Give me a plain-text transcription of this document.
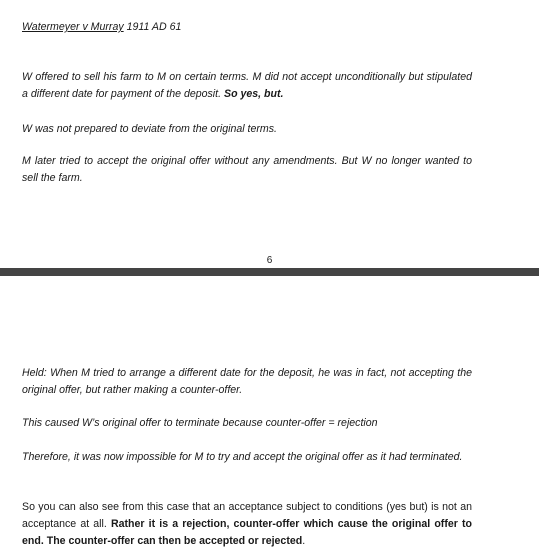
Watermeyer v Murray 1911 AD 61

W offered to sell his farm to M on certain terms. M did not accept unconditionally but stipulated a different date for payment of the deposit. So yes, but.

W was not prepared to deviate from the original terms.

M later tried to accept the original offer without any amendments. But W no longer wanted to sell the farm.

6

Held: When M tried to arrange a different date for the deposit, he was in fact, not accepting the original offer, but rather making a counter-offer.

This caused W’s original offer to terminate because counter-offer = rejection

Therefore, it was now impossible for M to try and accept the original offer as it had terminated.

So you can also see from this case that an acceptance subject to conditions (yes but) is not an acceptance at all. Rather it is a rejection, counter-offer which cause the original offer to end. The counter-offer can then be accepted or rejected.
